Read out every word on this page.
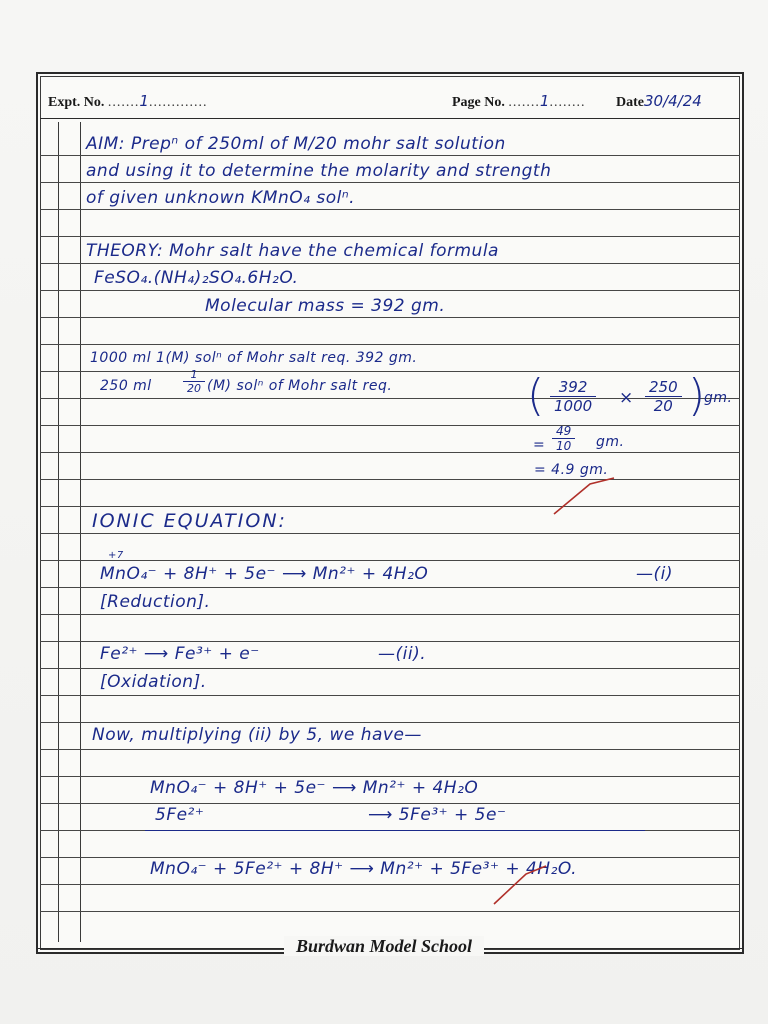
Expt. No. .......1.............	Page No. .......1........ Date30/4/24
AIM: Prepⁿ of 250ml of M/20 mohr salt solution
and using it to determine the molarity and strength
of given unknown KMnO₄ solⁿ.
THEORY: Mohr salt have the chemical formula
FeSO₄.(NH₄)₂SO₄.6H₂O.
Molecular mass = 392 gm.
1000 ml 1(M) solⁿ of Mohr salt req. 392 gm.
250 ml	$\frac{1}{20} (M)$ solⁿ of Mohr salt req.	( $\frac{392}{1000} \times \frac{250}{20}$ )
gm.
= $\frac{49}{10}$ gm.
= 4.9 gm.
IONIC EQUATION:
+7
MnO₄⁻ + 8H⁺ + 5e⁻ ⟶ Mn²⁺ + 4H₂O	—(i)
[Reduction].
Fe²⁺ ⟶ Fe³⁺ + e⁻	—(ii).
[Oxidation].
Now, multiplying (ii) by 5, we have—
MnO₄⁻ + 8H⁺ + 5e⁻ ⟶ Mn²⁺ + 4H₂O
5Fe²⁺	⟶ 5Fe³⁺ + 5e⁻
MnO₄⁻ + 5Fe²⁺ + 8H⁺ ⟶ Mn²⁺ + 5Fe³⁺ + 4H₂O.
Burdwan Model School
